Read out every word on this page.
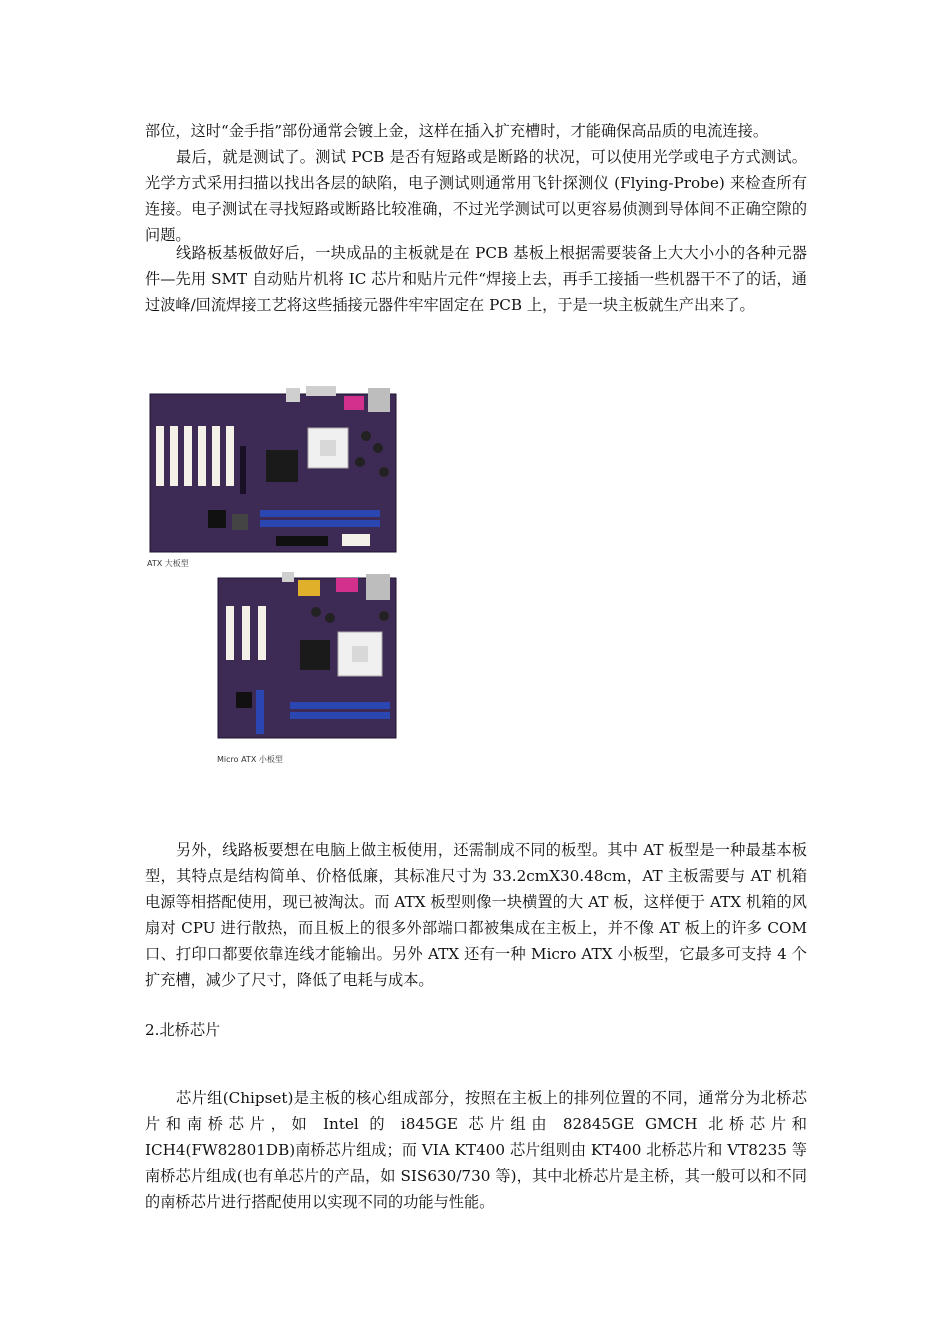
部位，这时“金手指”部份通常会镀上金，这样在插入扩充槽时，才能确保高品质的电流连接。

最后，就是测试了。测试 PCB 是否有短路或是断路的状况，可以使用光学或电子方式测试。光学方式采用扫描以找出各层的缺陷，电子测试则通常用飞针探测仪 (Flying-Probe) 来检查所有连接。电子测试在寻找短路或断路比较准确，不过光学测试可以更容易侦测到导体间不正确空隙的问题。

线路板基板做好后，一块成品的主板就是在 PCB 基板上根据需要装备上大大小小的各种元器件—先用 SMT 自动贴片机将 IC 芯片和贴片元件“焊接上去，再手工接插一些机器干不了的话，通过波峰/回流焊接工艺将这些插接元器件牢牢固定在 PCB 上，于是一块主板就生产出来了。

ATX 大板型
Micro ATX 小板型

另外，线路板要想在电脑上做主板使用，还需制成不同的板型。其中 AT 板型是一种最基本板型，其特点是结构简单、价格低廉，其标准尺寸为 33.2cmX30.48cm，AT 主板需要与 AT 机箱电源等相搭配使用，现已被淘汰。而 ATX 板型则像一块横置的大 AT 板，这样便于 ATX 机箱的风扇对 CPU 进行散热，而且板上的很多外部端口都被集成在主板上，并不像 AT 板上的许多 COM 口、打印口都要依靠连线才能输出。另外 ATX 还有一种 Micro ATX 小板型，它最多可支持 4 个扩充槽，减少了尺寸，降低了电耗与成本。

2.北桥芯片

芯片组(Chipset)是主板的核心组成部分，按照在主板上的排列位置的不同，通常分为北桥芯片和南桥芯片，如 Intel 的 i845GE 芯片组由 82845GE GMCH 北桥芯片和 ICH4(FW82801DB)南桥芯片组成；而 VIA KT400 芯片组则由 KT400 北桥芯片和 VT8235 等南桥芯片组成(也有单芯片的产品，如 SIS630/730 等)，其中北桥芯片是主桥，其一般可以和不同的南桥芯片进行搭配使用以实现不同的功能与性能。
